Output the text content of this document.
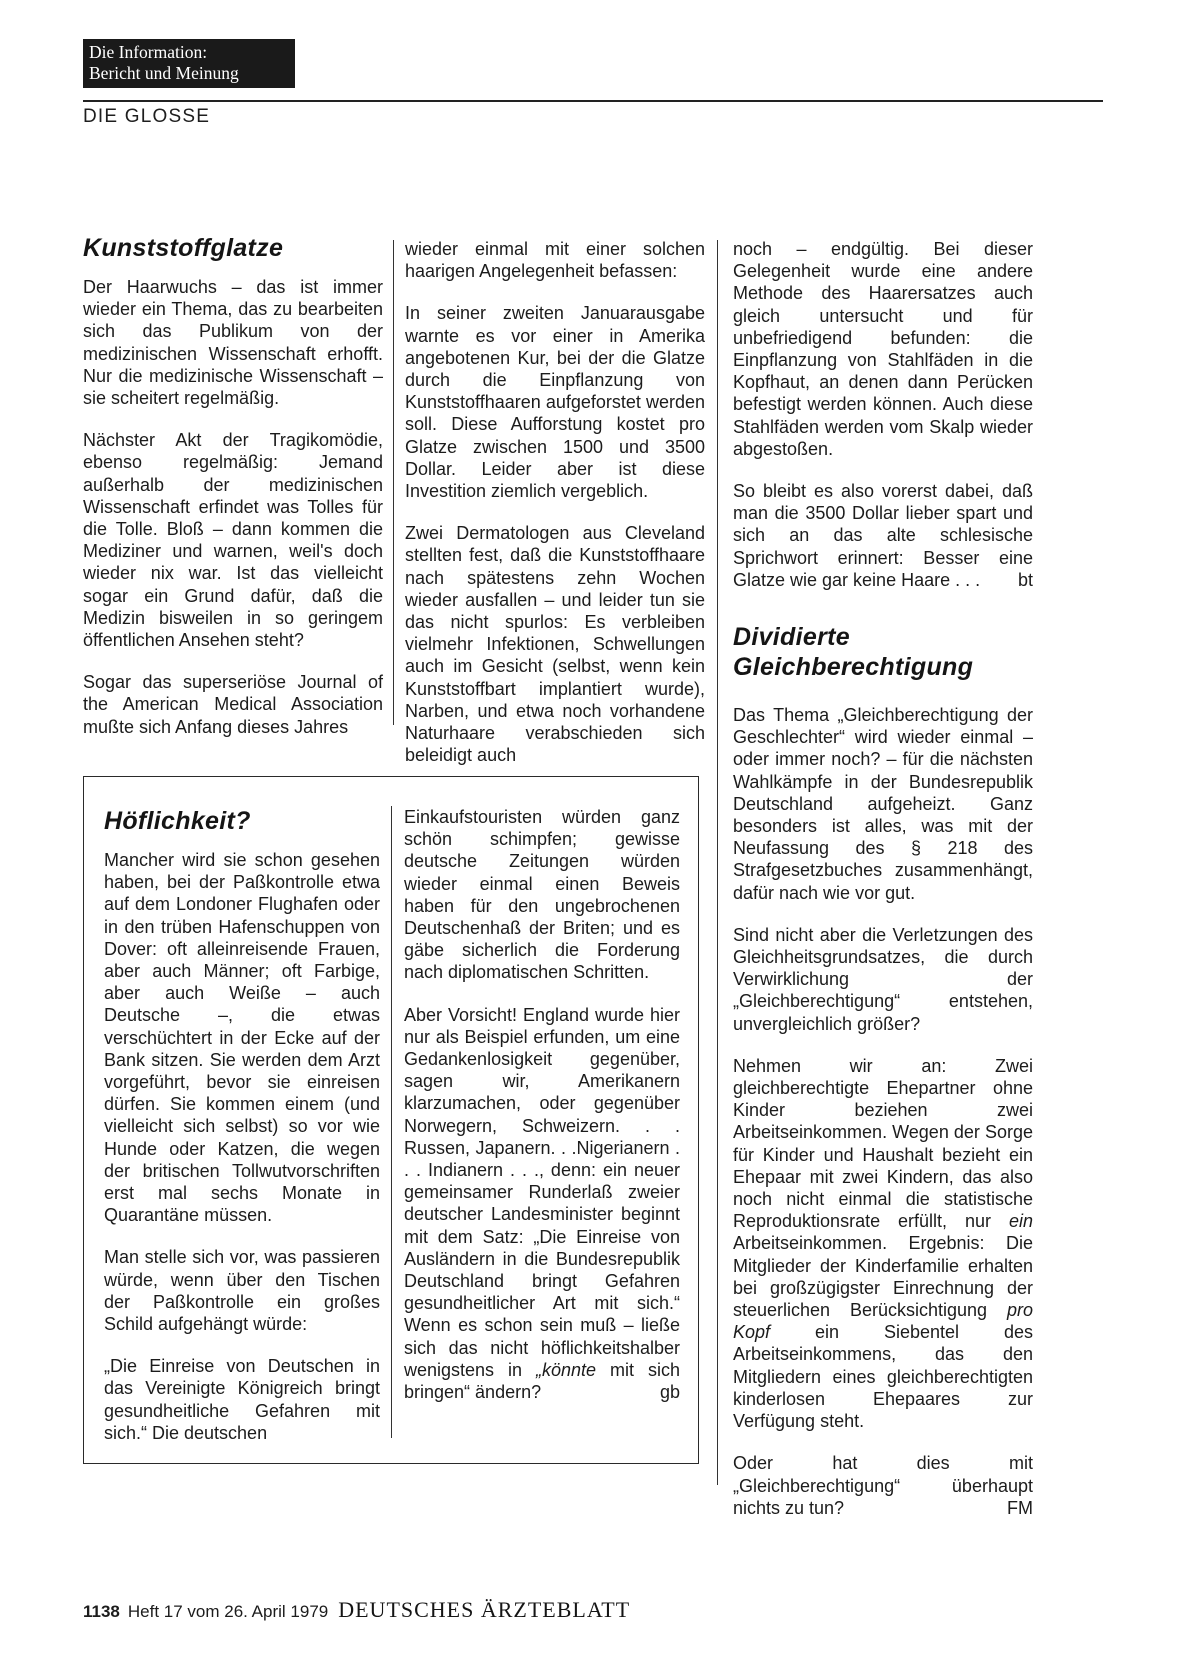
Die Information:
Bericht und Meinung
DIE GLOSSE
Kunststoffglatze

Der Haarwuchs – das ist immer wieder ein Thema, das zu bearbeiten sich das Publikum von der medizinischen Wissenschaft erhofft. Nur die medizinische Wissenschaft – sie scheitert regelmäßig.

Nächster Akt der Tragikomödie, ebenso regelmäßig: Jemand außerhalb der medizinischen Wissenschaft erfindet was Tolles für die Tolle. Bloß – dann kommen die Mediziner und warnen, weil's doch wieder nix war. Ist das vielleicht sogar ein Grund dafür, daß die Medizin bisweilen in so geringem öffentlichen Ansehen steht?

Sogar das superseriöse Journal of the American Medical Association mußte sich Anfang dieses Jahres

wieder einmal mit einer solchen haarigen Angelegenheit befassen:

In seiner zweiten Januarausgabe warnte es vor einer in Amerika angebotenen Kur, bei der die Glatze durch die Einpflanzung von Kunststoffhaaren aufgeforstet werden soll. Diese Aufforstung kostet pro Glatze zwischen 1500 und 3500 Dollar. Leider aber ist diese Investition ziemlich vergeblich.

Zwei Dermatologen aus Cleveland stellten fest, daß die Kunststoffhaare nach spätestens zehn Wochen wieder ausfallen – und leider tun sie das nicht spurlos: Es verbleiben vielmehr Infektionen, Schwellungen auch im Gesicht (selbst, wenn kein Kunststoffbart implantiert wurde), Narben, und etwa noch vorhandene Naturhaare verabschieden sich beleidigt auch

noch – endgültig. Bei dieser Gelegenheit wurde eine andere Methode des Haarersatzes auch gleich untersucht und für unbefriedigend befunden: die Einpflanzung von Stahlfäden in die Kopfhaut, an denen dann Perücken befestigt werden können. Auch diese Stahlfäden werden vom Skalp wieder abgestoßen.

So bleibt es also vorerst dabei, daß man die 3500 Dollar lieber spart und sich an das alte schlesische Sprichwort erinnert: Besser eine Glatze wie gar keine Haare . . . bt

Dividierte
Gleichberechtigung

Das Thema „Gleichberechtigung der Geschlechter“ wird wieder einmal – oder immer noch? – für die nächsten Wahlkämpfe in der Bundesrepublik Deutschland aufgeheizt. Ganz besonders ist alles, was mit der Neufassung des § 218 des Strafgesetzbuches zusammenhängt, dafür nach wie vor gut.

Sind nicht aber die Verletzungen des Gleichheitsgrundsatzes, die durch Verwirklichung der „Gleichberechtigung“ entstehen, unvergleichlich größer?

Nehmen wir an: Zwei gleichberechtigte Ehepartner ohne Kinder beziehen zwei Arbeitseinkommen. Wegen der Sorge für Kinder und Haushalt bezieht ein Ehepaar mit zwei Kindern, das also noch nicht einmal die statistische Reproduktionsrate erfüllt, nur ein Arbeitseinkommen. Ergebnis: Die Mitglieder der Kinderfamilie erhalten bei großzügigster Einrechnung der steuerlichen Berücksichtigung pro Kopf ein Siebentel des Arbeitseinkommens, das den Mitgliedern eines gleichberechtigten kinderlosen Ehepaares zur Verfügung steht.

Oder hat dies mit „Gleichberechtigung“ überhaupt nichts zu tun?	FM

Höflichkeit?

Mancher wird sie schon gesehen haben, bei der Paßkontrolle etwa auf dem Londoner Flughafen oder in den trüben Hafenschuppen von Dover: oft alleinreisende Frauen, aber auch Männer; oft Farbige, aber auch Weiße – auch Deutsche –, die etwas verschüchtert in der Ecke auf der Bank sitzen. Sie werden dem Arzt vorgeführt, bevor sie einreisen dürfen. Sie kommen einem (und vielleicht sich selbst) so vor wie Hunde oder Katzen, die wegen der britischen Tollwutvorschriften erst mal sechs Monate in Quarantäne müssen.

Man stelle sich vor, was passieren würde, wenn über den Tischen der Paßkontrolle ein großes Schild aufgehängt würde:

„Die Einreise von Deutschen in das Vereinigte Königreich bringt gesundheitliche Gefahren mit sich.“ Die deutschen

Einkaufstouristen würden ganz schön schimpfen; gewisse deutsche Zeitungen würden wieder einmal einen Beweis haben für den ungebrochenen Deutschenhaß der Briten; und es gäbe sicherlich die Forderung nach diplomatischen Schritten.

Aber Vorsicht! England wurde hier nur als Beispiel erfunden, um eine Gedankenlosigkeit gegenüber, sagen wir, Amerikanern klarzumachen, oder gegenüber Norwegern, Schweizern. . . Russen, Japanern. . .Nigerianern . . . Indianern . . ., denn: ein neuer gemeinsamer Runderlaß zweier deutscher Landesminister beginnt mit dem Satz: „Die Einreise von Ausländern in die Bundesrepublik Deutschland bringt Gefahren gesundheitlicher Art mit sich.“ Wenn es schon sein muß – ließe sich das nicht höflichkeitshalber wenigstens in „könnte mit sich bringen“ ändern?	gb

1138 Heft 17 vom 26. April 1979 DEUTSCHES ÄRZTEBLATT
